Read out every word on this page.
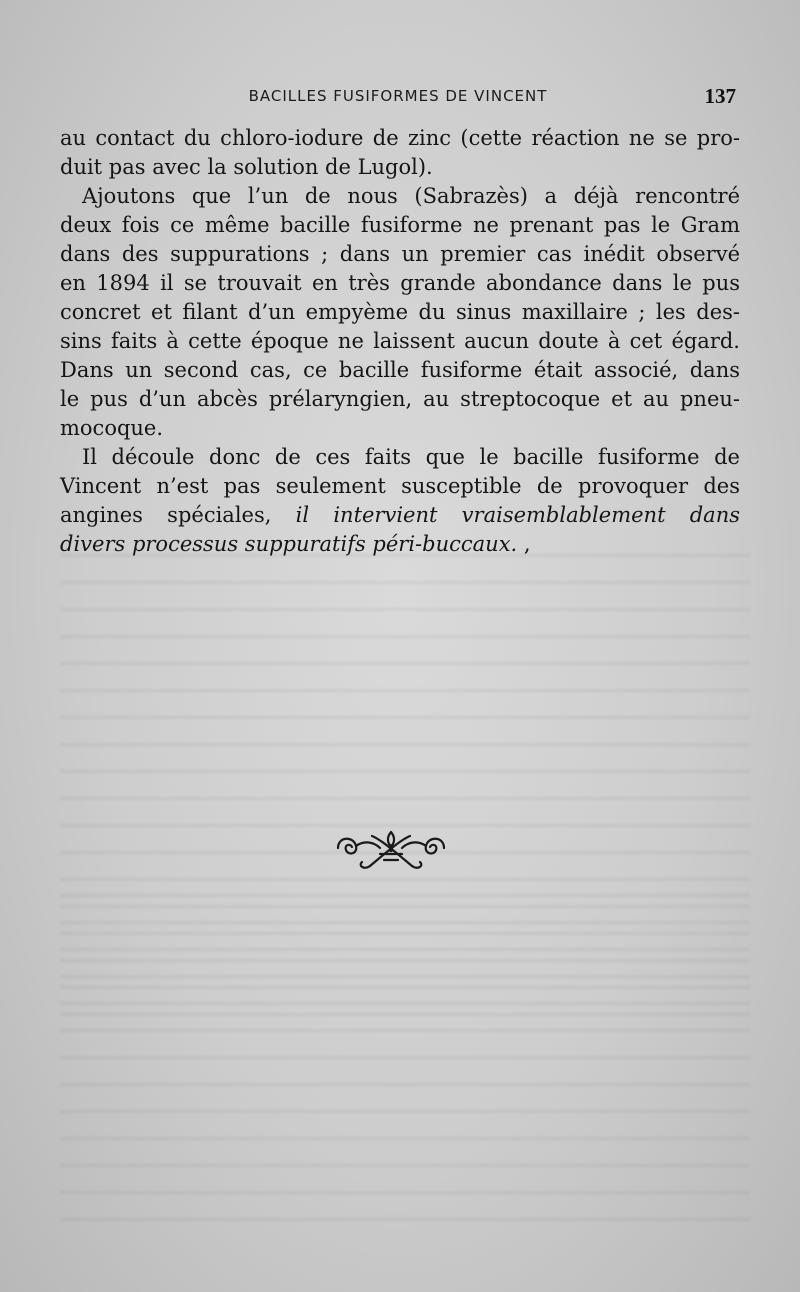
BACILLES FUSIFORMES DE VINCENT	137
au contact du chloro-iodure de zinc (cette réaction ne se pro-
duit pas avec la solution de Lugol).
Ajoutons que l’un de nous (Sabrazès) a déjà rencontré
deux fois ce même bacille fusiforme ne prenant pas le Gram
dans des suppurations ; dans un premier cas inédit observé
en 1894 il se trouvait en très grande abondance dans le pus
concret et filant d’un empyème du sinus maxillaire ; les des-
sins faits à cette époque ne laissent aucun doute à cet égard.
Dans un second cas, ce bacille fusiforme était associé, dans
le pus d’un abcès prélaryngien, au streptocoque et au pneu-
mocoque.
Il découle donc de ces faits que le bacille fusiforme de
Vincent n’est pas seulement susceptible de provoquer des
angines spéciales, il intervient vraisemblablement dans
divers processus suppuratifs péri-buccaux. ,
